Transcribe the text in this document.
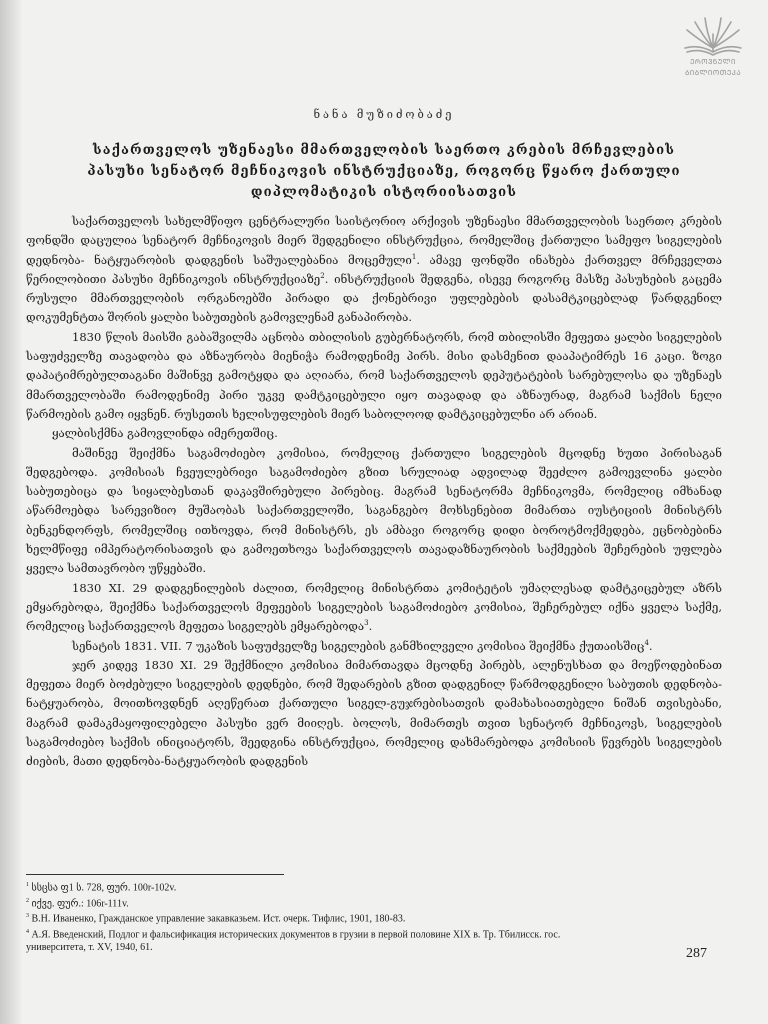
ᲔᲠᲝᲕᲜᲣᲚᲘ
ᲑᲘᲑᲚᲘᲝᲗᲔᲙᲐ
ნანა მუზიძობაძე
საქართველოს უზენაესი მმართველობის საერთო კრების მრჩევლების
პასუხი სენატორ მეჩნიკოვის ინსტრუქციაზე, როგორც წყარო ქართული
დიპლომატიკის ისტორიისათვის

საქართველოს სახელმწიფო ცენტრალური საისტორიო არქივის უზენაესი მმართველობის საერთო კრების ფონდში დაცულია სენატორ მეჩნიკოვის მიერ შედგენილი ინსტრუქცია, რომელშიც ქართული სამეფო სიგელების დედნობა- ნატყუარობის დადგენის საშუალებანია მოცემული$^1$. ამავე ფონდში ინახება ქართველ მრჩეველთა წერილობითი პასუხი მეჩნიკოვის ინსტრუქციაზე$^2$. ინსტრუქციის შედგენა, ისევე როგორც მასზე პასუხების გაცემა რუსული მმართველობის ორგანოებში პირადი და ქონებრივი უფლებების დასამტკიცებლად წარდგენილ დოკუმენტთა შორის ყალბი საბუთების გამოვლენამ განაპირობა.

1830 წლის მაისში გაბაშვილმა აცნობა თბილისის გუბერნატორს, რომ თბილისში მეფეთა ყალბი სიგელების საფუძველზე თავადობა და აზნაურობა მიენიჭა რამოდენიმე პირს. მისი დასმენით დააპატიმრეს 16 კაცი. ზოგი დაპატიმრებულთაგანი მაშინვე გამოტყდა და აღიარა, რომ საქართველოს დეპუტატების სარებულოსა და უზენაეს მმართველობაში რამოდენიმე პირი უკვე დამტკიცებული იყო თავადად და აზნაურად, მაგრამ საქმის ნელი წარმოების გამო იყვნენ. რუსეთის ხელისუფლების მიერ საბოლოოდ დამტკიცებულნი არ არიან.

ყალბისქმნა გამოვლინდა იმერეთშიც.

მაშინვე შეიქმნა საგამოძიებო კომისია, რომელიც ქართული სიგელების მცოდნე ხუთი პირისაგან შედგებოდა. კომისიას ჩვეულებრივი საგამოძიებო გზით სრულიად ადვილად შეეძლო გამოევლინა ყალბი საბუთებიცა და სიყალბესთან დაკავშირებული პირებიც. მაგრამ სენატორმა მეჩნიკოვმა, რომელიც იმხანად აწარმოებდა სარევიზიო მუშაობას საქართველოში, საგანგებო მოხსენებით მიმართა იუსტიციის მინისტრს ბენკენდორფს, რომელშიც ითხოვდა, რომ მინისტრს, ეს ამბავი როგორც დიდი ბოროტმოქმედება, ეცნობებინა ხელმწიფე იმპერატორისათვის და გამოეთხოვა საქართველოს თავადაზნაურობის საქმეების შეჩერების უფლება ყველა სამთავრობო უწყებაში.

1830 XI. 29 დადგენილების ძალით, რომელიც მინისტრთა კომიტეტის უმაღლესად დამტკიცებულ აზრს ემყარებოდა, შეიქმნა საქართველოს მეფეების სიგელების საგამოძიებო კომისია, შეჩერებულ იქნა ყველა საქმე, რომელიც საქართველოს მეფეთა სიგელებს ემყარებოდა$^3$.

სენატის 1831. VII. 7 უკაზის საფუძველზე სიგელების განმხილველი კომისია შეიქმნა ქუთაისშიც$^4$.

ჯერ კიდევ 1830 XI. 29 შექმნილი კომისია მიმართავდა მცოდნე პირებს, ალენუსხათ და მოეწოდებინათ მეფეთა მიერ ბოძებული სიგელების დედნები, რომ შედარების გზით დადგენილ წარმოდგენილი საბუთის დედნობა-ნატყუარობა, მოითხოვდნენ აღეწერათ ქართული სიგელ-გუჯრებისათვის დამახასიათებელი ნიშან თვისებანი, მაგრამ დამაკმაყოფილებელი პასუხი ვერ მიიღეს. ბოლოს, მიმართეს თვით სენატორ მეჩნიკოვს, სიგელების საგამოძიებო საქმის ინიციატორს, შეედგინა ინსტრუქცია, რომელიც დახმარებოდა კომისიის წევრებს სიგელების ძიების, მათი დედნობა-ნატყუარობის დადგენის

$^1$ სსცსა ფ1 ს. 728, ფურ. 100r-102v.
$^2$ იქვე. ფურ.: 106r-111v.
$^3$ В.Н. Иваненко, Гражданское управление закавказьем. Ист. очерк. Тифлис, 1901, 180-83.
$^4$ А.Я. Введенский, Подлог и фальсификация исторических документов в грузии в первой половине XIX в. Тр. Тбилисск. гос.
университета, т. XV, 1940, 61.	287
